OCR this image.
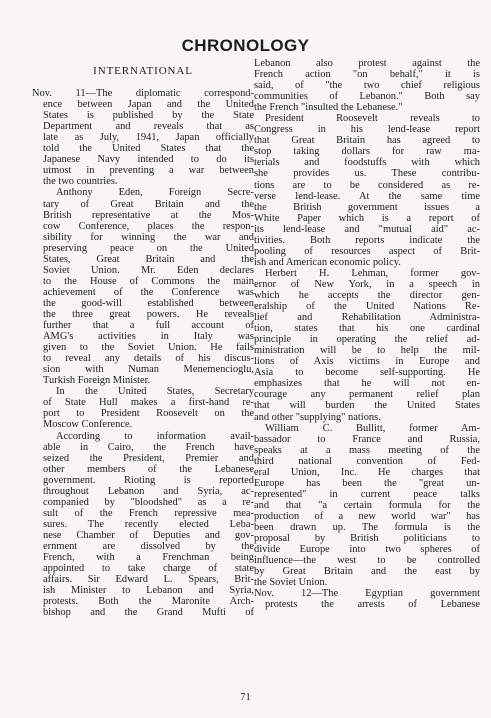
CHRONOLOGY
INTERNATIONAL
Nov. 11—The diplomatic correspond-
ence between Japan and the United
States is published by the State
Department and reveals that as
late as July, 1941, Japan officially
told the United States that the
Japanese Navy intended to do its
utmost in preventing a war between
the two countries.
Anthony Eden, Foreign Secre-
tary of Great Britain and the
British representative at the Mos-
cow Conference, places the respon-
sibility for winning the war and
preserving peace on the United
States, Great Britain and the
Soviet Union. Mr. Eden declares
to the House of Commons the main
achievement of the Conference was
the good-will established between
the three great powers. He reveals
further that a full account of
AMG's activities in Italy was
given to the Soviet Union. He fails
to reveal any details of his discus-
sion with Numan Menemencioglu,
Turkish Foreign Minister.
In the United States, Secretary
of State Hull makes a first-hand re-
port to President Roosevelt on the
Moscow Conference.
According to information avail-
able in Cairo, the French have
seized the President, Premier and
other members of the Lebanese
government. Rioting is reported
throughout Lebanon and Syria, ac-
companied by "bloodshed" as a re-
sult of the French repressive mea-
sures. The recently elected Leba-
nese Chamber of Deputies and gov-
ernment are dissolved by the
French, with a Frenchman being
appointed to take charge of state
affairs. Sir Edward L. Spears, Brit-
ish Minister to Lebanon and Syria,
protests. Both the Maronite Arch-
bishop and the Grand Mufti of
Lebanon also protest against the
French action "on behalf," it is
said, of "the two chief religious
communities of Lebanon." Both say
the French "insulted the Lebanese."
President Roosevelt reveals to
Congress in his lend-lease report
that Great Britain has agreed to
stop taking dollars for raw ma-
terials and foodstuffs with which
she provides us. These contribu-
tions are to be considered as re-
verse lend-lease. At the same time
the British government issues a
White Paper which is a report of
its lend-lease and "mutual aid" ac-
tivities. Both reports indicate the
pooling of resources aspect of Brit-
ish and American economic policy.
Herbert H. Lehman, former gov-
ernor of New York, in a speech in
which he accepts the director gen-
eralship of the United Nations Re-
lief and Rehabilitation Administra-
tion, states that his one cardinal
principle in operating the relief ad-
ministration will be to help the mil-
lions of Axis victims in Europe and
Asia to become self-supporting. He
emphasizes that he will not en-
courage any permanent relief plan
that will burden the United States
and other "supplying" nations.
William C. Bullitt, former Am-
bassador to France and Russia,
speaks at a mass meeting of the
third national convention of Fed-
eral Union, Inc. He charges that
Europe has been the "great un-
represented" in current peace talks
and that "a certain formula for the
production of a new world war" has
been drawn up. The formula is the
proposal by British politicians to
divide Europe into two spheres of
influence—the west to be controlled
by Great Britain and the east by
the Soviet Union.
Nov. 12—The Egyptian government
protests the arrests of Lebanese
71
